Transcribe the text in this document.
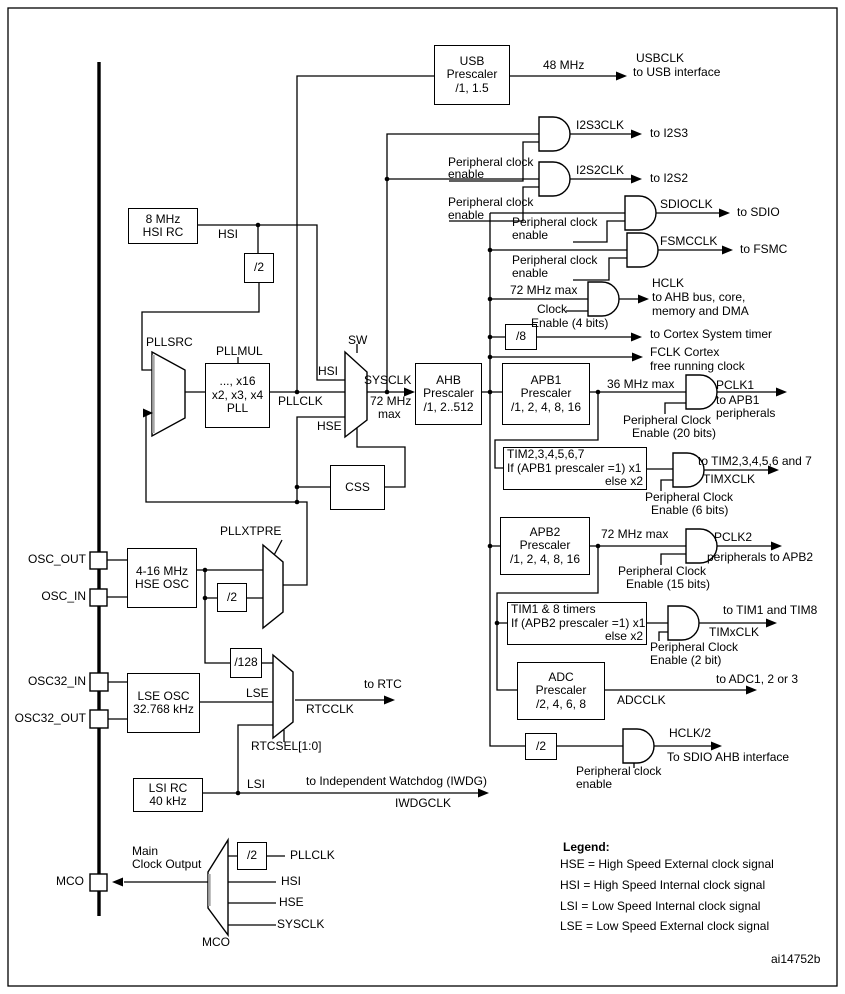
USB
Prescaler
/1, 1.5
8 MHz
HSI RC
/2
..., x16
x2, x3, x4
PLL
AHB
Prescaler
/1, 2..512
APB1
Prescaler
/1, 2, 4, 8, 16
TIM2,3,4,5,6,7
If (APB1 prescaler =1) x1
else x2
APB2
Prescaler
/1, 2, 4, 8, 16
TIM1 & 8 timers
If (APB2 prescaler =1) x1
else x2
ADC
Prescaler
/2, 4, 6, 8
CSS
4-16 MHz
HSE OSC
/2
/8
/128
LSE OSC
32.768 kHz
LSI RC
40 kHz
/2
/2
48 MHz	USBCLK
to USB interface
I2S3CLK
to I2S3
Peripheral clock
enable	I2S2CLK
to I2S2
Peripheral clock
enable
SDIOCLK
to SDIO
Peripheral clock
enable	FSMCCLK
to FSMC
Peripheral clock
enable
72 MHz max	HCLK
to AHB bus, core,
memory and DMA
Clock
Enable (4 bits)
to Cortex System timer
FCLK Cortex
free running clock
HSI
PLLSRC
PLLMUL
SW
HSI
PLLCLK
HSE
SYSCLK
72 MHz
max
36 MHz max	PCLK1
to APB1
peripherals
Peripheral Clock
Enable (20 bits)
to TIM2,3,4,5,6 and 7
TIMXCLK
Peripheral Clock
Enable (6 bits)
72 MHz max	PCLK2
peripherals to APB2
Peripheral Clock
Enable (15 bits)
to TIM1 and TIM8
TIMxCLK
Peripheral Clock
Enable (2 bit)
to ADC1, 2 or 3
ADCCLK
HCLK/2
To SDIO AHB interface
Peripheral clock
enable
PLLXTPRE
LSE
to RTC
RTCCLK
RTCSEL[1:0]
LSI	to Independent Watchdog (IWDG)
IWDGCLK
Main
Clock Output
PLLCLK
HSI
HSE
SYSCLK
MCO
OSC_OUT
OSC_IN
OSC32_IN
OSC32_OUT
MCO
Legend:
HSE = High Speed External clock signal
HSI = High Speed Internal clock signal
LSI = Low Speed Internal clock signal
LSE = Low Speed External clock signal
ai14752b
